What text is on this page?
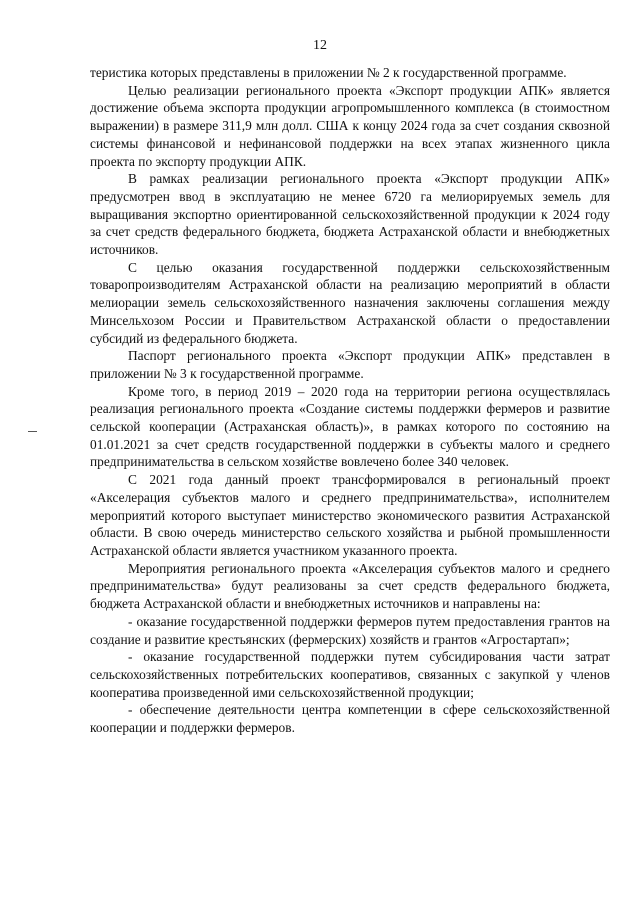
12

теристика которых представлены в приложении № 2 к государственной программе.

Целью реализации регионального проекта «Экспорт продукции АПК» является достижение объема экспорта продукции агропромышленного комплекса (в стоимостном выражении) в размере 311,9 млн долл. США к концу 2024 года за счет создания сквозной системы финансовой и нефинансовой поддержки на всех этапах жизненного цикла проекта по экспорту продукции АПК.

В рамках реализации регионального проекта «Экспорт продукции АПК» предусмотрен ввод в эксплуатацию не менее 6720 га мелиорируемых земель для выращивания экспортно ориентированной сельскохозяйственной продукции к 2024 году за счет средств федерального бюджета, бюджета Астраханской области и внебюджетных источников.

С целью оказания государственной поддержки сельскохозяйственным товаропроизводителям Астраханской области на реализацию мероприятий в области мелиорации земель сельскохозяйственного назначения заключены соглашения между Минсельхозом России и Правительством Астраханской области о предоставлении субсидий из федерального бюджета.

Паспорт регионального проекта «Экспорт продукции АПК» представлен в приложении № 3 к государственной программе.

Кроме того, в период 2019 – 2020 года на территории региона осуществлялась реализация регионального проекта «Создание системы поддержки фермеров и развитие сельской кооперации (Астраханская область)», в рамках которого по состоянию на 01.01.2021 за счет средств государственной поддержки в субъекты малого и среднего предпринимательства в сельском хозяйстве вовлечено более 340 человек.

С 2021 года данный проект трансформировался в региональный проект «Акселерация субъектов малого и среднего предпринимательства», исполнителем мероприятий которого выступает министерство экономического развития Астраханской области. В свою очередь министерство сельского хозяйства и рыбной промышленности Астраханской области является участником указанного проекта.

Мероприятия регионального проекта «Акселерация субъектов малого и среднего предпринимательства» будут реализованы за счет средств федерального бюджета, бюджета Астраханской области и внебюджетных источников и направлены на:

- оказание государственной поддержки фермеров путем предоставления грантов на создание и развитие крестьянских (фермерских) хозяйств и грантов «Агростартап»;

- оказание государственной поддержки путем субсидирования части затрат сельскохозяйственных потребительских кооперативов, связанных с закупкой у членов кооператива произведенной ими сельскохозяйственной продукции;

- обеспечение деятельности центра компетенции в сфере сельскохозяйственной кооперации и поддержки фермеров.
